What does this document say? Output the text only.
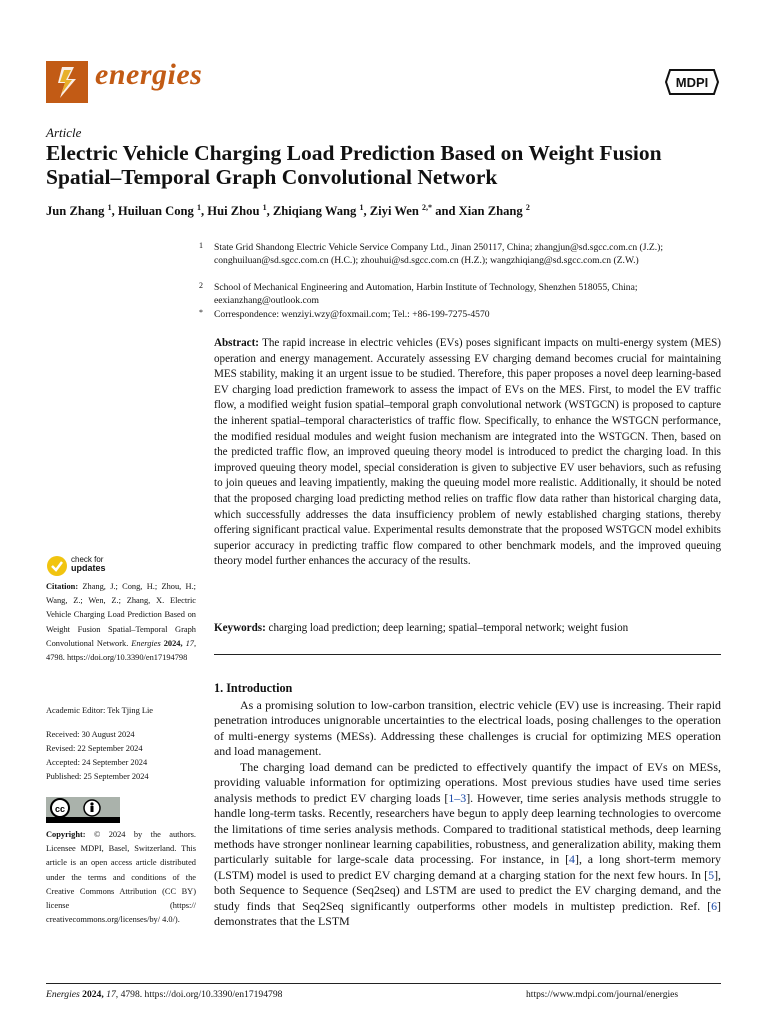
energies	MDPI
Article
Electric Vehicle Charging Load Prediction Based on Weight Fusion Spatial–Temporal Graph Convolutional Network
Jun Zhang $^1$, Huiluan Cong $^1$, Hui Zhou $^1$, Zhiqiang Wang $^1$, Ziyi Wen $^{2,*}$ and Xian Zhang $^2$
1 State Grid Shandong Electric Vehicle Service Company Ltd., Jinan 250117, China; zhangjun@sd.sgcc.com.cn (J.Z.); conghuiluan@sd.sgcc.com.cn (H.C.); zhouhui@sd.sgcc.com.cn (H.Z.); wangzhiqiang@sd.sgcc.com.cn (Z.W.)
2 School of Mechanical Engineering and Automation, Harbin Institute of Technology, Shenzhen 518055, China; eexianzhang@outlook.com
* Correspondence: wenziyi.wzy@foxmail.com; Tel.: +86-199-7275-4570
Abstract: The rapid increase in electric vehicles (EVs) poses significant impacts on multi-energy system (MES) operation and energy management. Accurately assessing EV charging demand becomes crucial for maintaining MES stability, making it an urgent issue to be studied. Therefore, this paper proposes a novel deep learning-based EV charging load prediction framework to assess the impact of EVs on the MES. First, to model the EV traffic flow, a modified weight fusion spatial–temporal graph convolutional network (WSTGCN) is proposed to capture the inherent spatial–temporal characteristics of traffic flow. Specifically, to enhance the WSTGCN performance, the modified residual modules and weight fusion mechanism are integrated into the WSTGCN. Then, based on the predicted traffic flow, an improved queuing theory model is introduced to predict the charging load. In this improved queuing theory model, special consideration is given to subjective EV user behaviors, such as refusing to join queues and leaving impatiently, making the queuing model more realistic. Additionally, it should be noted that the proposed charging load predicting method relies on traffic flow data rather than historical charging data, which successfully addresses the data insufficiency problem of newly established charging stations, thereby offering significant practical value. Experimental results demonstrate that the proposed WSTGCN model exhibits superior accuracy in predicting traffic flow compared to other benchmark models, and the improved queuing theory model further enhances the accuracy of the results.
Keywords: charging load prediction; deep learning; spatial–temporal network; weight fusion
check for
updates
Citation: Zhang, J.; Cong, H.; Zhou, H.; Wang, Z.; Wen, Z.; Zhang, X. Electric Vehicle Charging Load Prediction Based on Weight Fusion Spatial–Temporal Graph Convolutional Network. Energies 2024, 17, 4798. https://doi.org/10.3390/en17194798
Academic Editor: Tek Tjing Lie
Received: 30 August 2024
Revised: 22 September 2024
Accepted: 24 September 2024
Published: 25 September 2024
cc
Copyright: © 2024 by the authors. Licensee MDPI, Basel, Switzerland. This article is an open access article distributed under the terms and conditions of the Creative Commons Attribution (CC BY) license (https:// creativecommons.org/licenses/by/ 4.0/).
1. Introduction
As a promising solution to low-carbon transition, electric vehicle (EV) use is increasing. Their rapid penetration introduces unignorable uncertainties to the electrical loads, posing challenges to the operation of multi-energy systems (MESs). Addressing these challenges is crucial for optimizing MES operation and load management.
The charging load demand can be predicted to effectively quantify the impact of EVs on MESs, providing valuable information for optimizing operations. Most previous studies have used time series analysis methods to predict EV charging loads [1–3]. However, time series analysis methods struggle to handle long-term tasks. Recently, researchers have begun to apply deep learning technologies to overcome the limitations of time series analysis methods. Compared to traditional statistical methods, deep learning methods have stronger nonlinear learning capabilities, robustness, and generalization ability, making them particularly suitable for large-scale data processing. For instance, in [4], a long short-term memory (LSTM) model is used to predict EV charging demand at a charging station for the next few hours. In [5], both Sequence to Sequence (Seq2seq) and LSTM are used to predict the EV charging demand, and the study finds that Seq2Seq significantly outperforms other models in multistep prediction. Ref. [6] demonstrates that the LSTM
Energies 2024, 17, 4798. https://doi.org/10.3390/en17194798	https://www.mdpi.com/journal/energies
